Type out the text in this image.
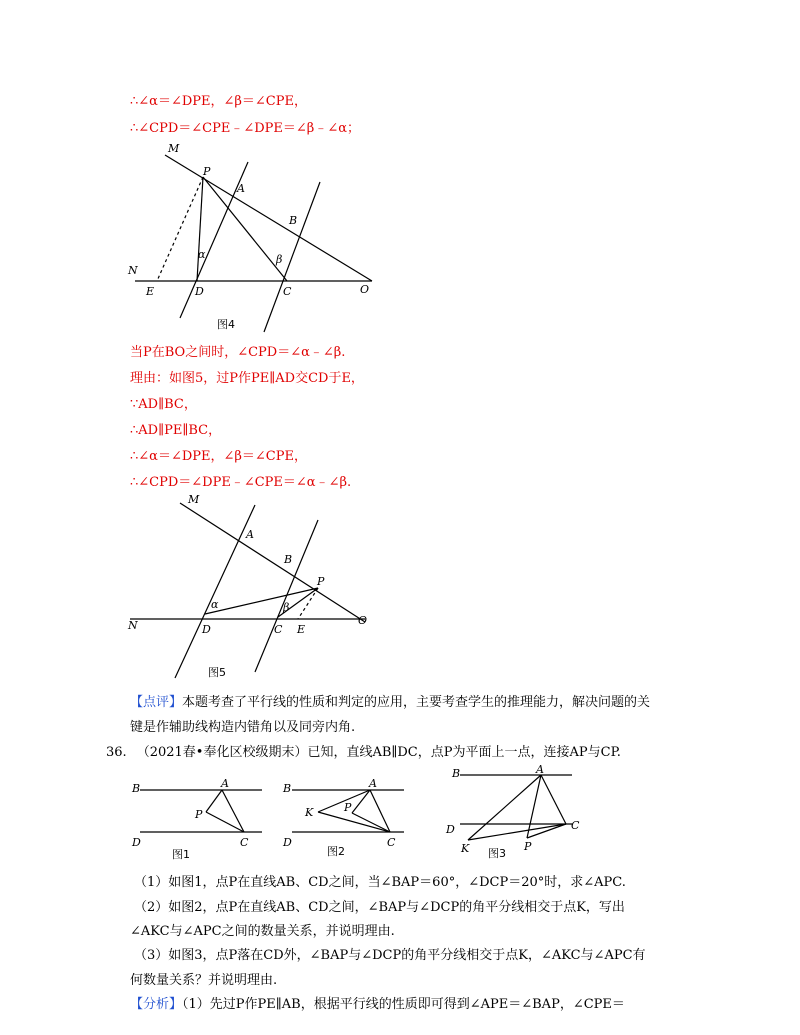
∴∠α＝∠DPE，∠β＝∠CPE，
∴∠CPD＝∠CPE﹣∠DPE＝∠β﹣∠α；
M
P
A
B
α	β
N
E	D	C	O
图4
当P在BO之间时，∠CPD＝∠α﹣∠β.
理由：如图5，过P作PE∥AD交CD于E，
∵AD∥BC，
∴AD∥PE∥BC，
∴∠α＝∠DPE，∠β＝∠CPE，
∴∠CPD＝∠DPE﹣∠CPE＝∠α﹣∠β.
M
A
B
P
α	β
N	D	C E
O
图5
【点评】本题考查了平行线的性质和判定的应用，主要考查学生的推理能力，解决问题的关
键是作辅助线构造内错角以及同旁内角.
36. （2021春•奉化区校级期末）已知，直线AB∥DC，点P为平面上一点，连接AP与CP.
B	A
P
D	C
图1
B	A
K	P
D	C
图2
B	A
D	C
K	P
图3
（1）如图1，点P在直线AB、CD之间，当∠BAP＝60°，∠DCP＝20°时，求∠APC.
（2）如图2，点P在直线AB、CD之间，∠BAP与∠DCP的角平分线相交于点K，写出
∠AKC与∠APC之间的数量关系，并说明理由.
（3）如图3，点P落在CD外，∠BAP与∠DCP的角平分线相交于点K，∠AKC与∠APC有
何数量关系？并说明理由.
【分析】（1）先过P作PE∥AB，根据平行线的性质即可得到∠APE＝∠BAP，∠CPE＝
